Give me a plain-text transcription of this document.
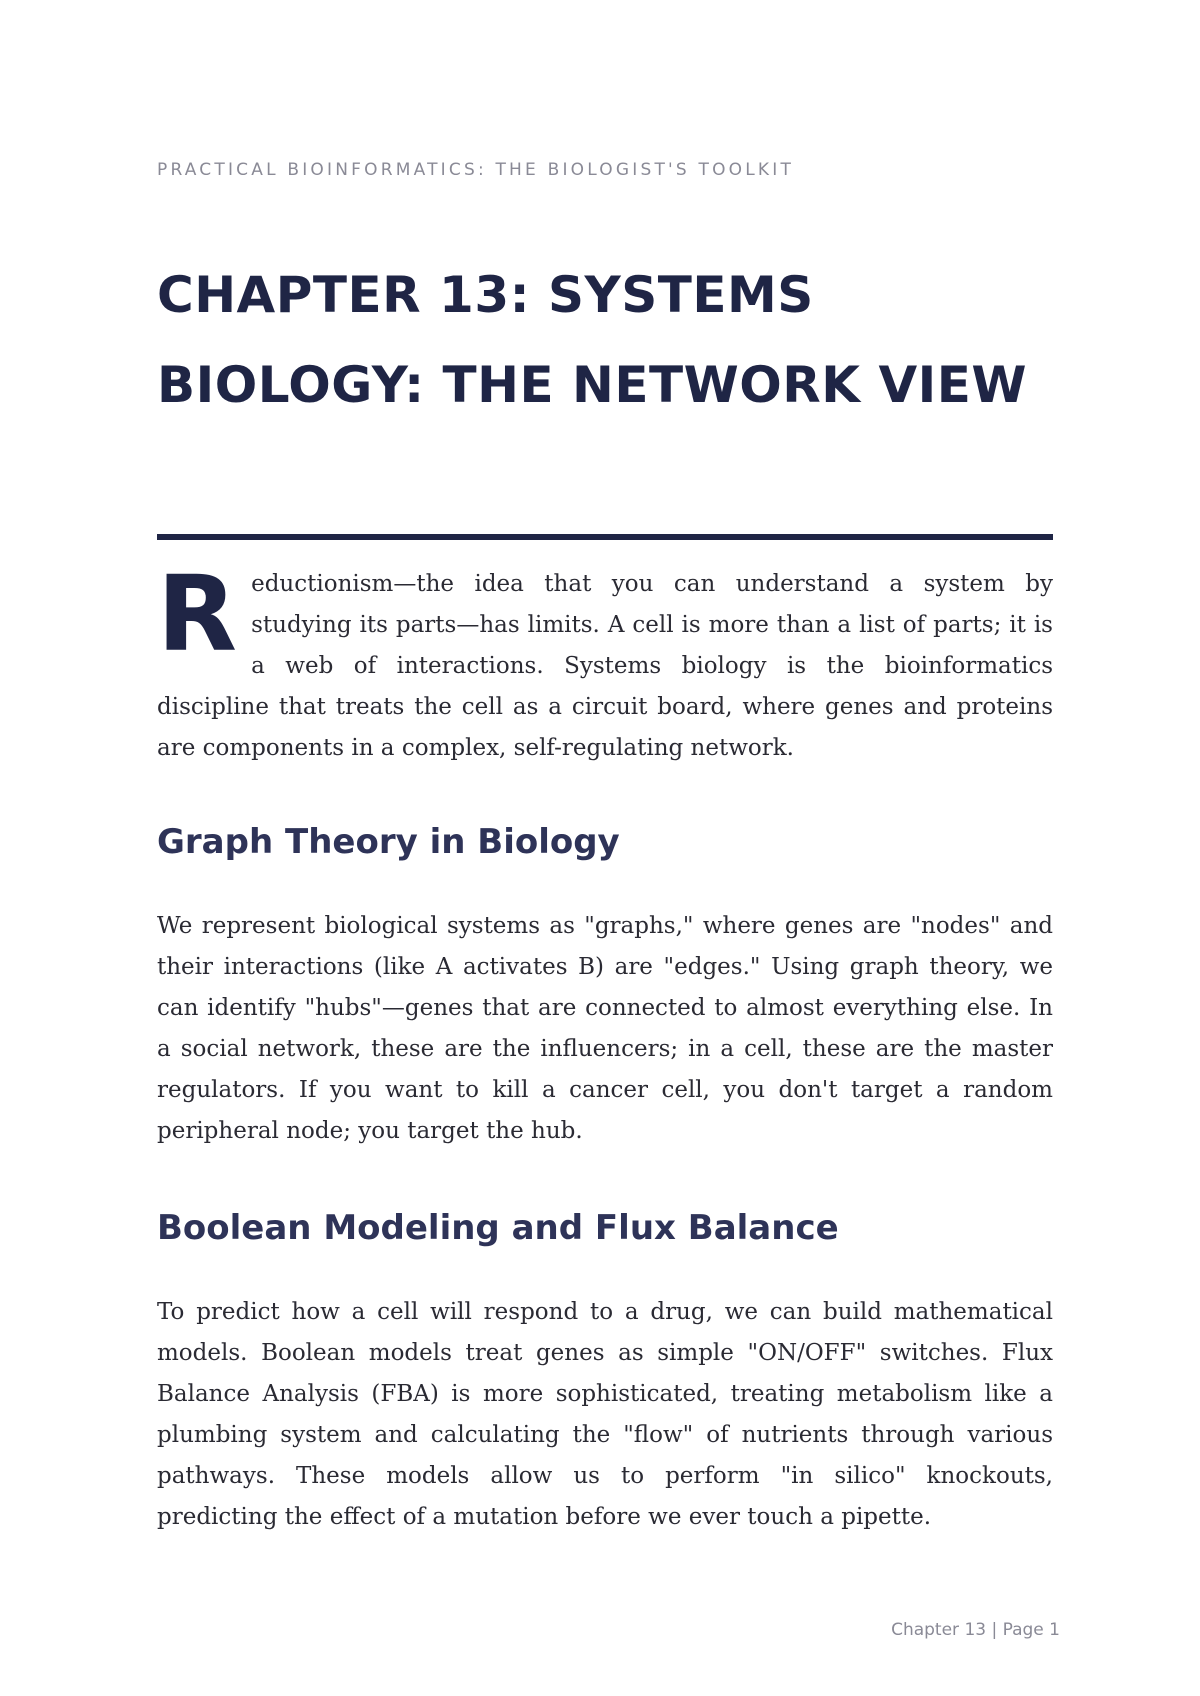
PRACTICAL BIOINFORMATICS: THE BIOLOGIST'S TOOLKIT
CHAPTER 13: SYSTEMS BIOLOGY: THE NETWORK VIEW
R eductionism—the idea that you can understand a system by studying its parts—has limits. A cell is more than a list of parts; it is a web of interactions. Systems biology is the bioinformatics discipline that treats the cell as a circuit board, where genes and proteins are components in a complex, self-regulating network.

Graph Theory in Biology

We represent biological systems as "graphs," where genes are "nodes" and their interactions (like A activates B) are "edges." Using graph theory, we can identify "hubs"—genes that are connected to almost everything else. In a social network, these are the influencers; in a cell, these are the master regulators. If you want to kill a cancer cell, you don't target a random peripheral node; you target the hub.

Boolean Modeling and Flux Balance

To predict how a cell will respond to a drug, we can build mathematical models. Boolean models treat genes as simple "ON/OFF" switches. Flux Balance Analysis (FBA) is more sophisticated, treating metabolism like a plumbing system and calculating the "flow" of nutrients through various pathways. These models allow us to perform "in silico" knockouts, predicting the effect of a mutation before we ever touch a pipette.

Chapter 13 | Page 1
